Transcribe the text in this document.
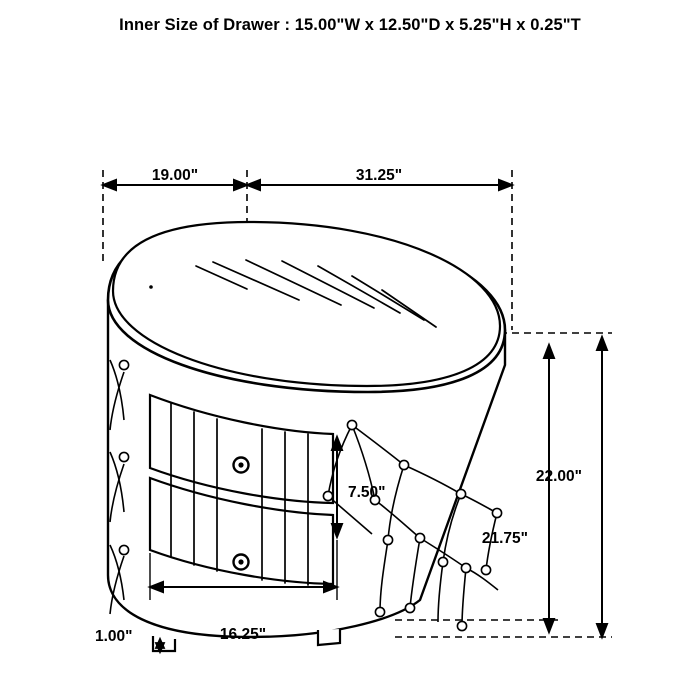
Inner Size of Drawer : 15.00"W x 12.50"D x 5.25"H x 0.25"T
19.00"	31.25"
7.50"
16.25"
1.00"
21.75"
22.00"
